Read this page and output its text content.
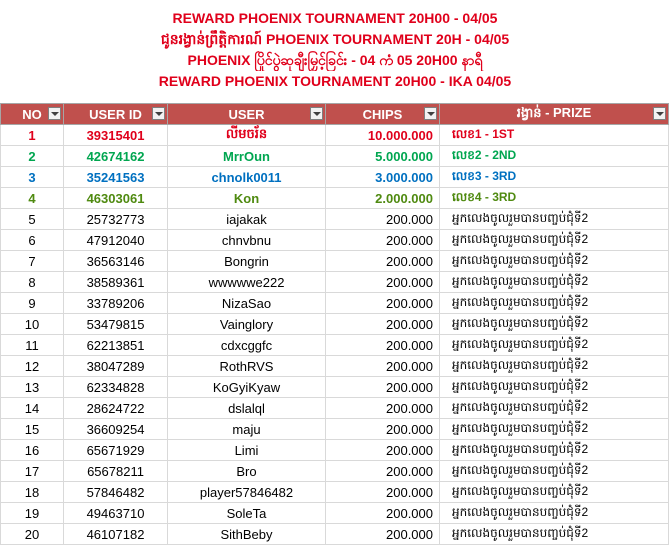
REWARD PHOENIX TOURNAMENT 20H00 - 04/05
ជូនរង្វាន់ព្រឹត្តិការណ៍ PHOENIX TOURNAMENT 20H - 04/05
PHOENIX ပြိုင်ပွဲဆုချီးမြှင့်ခြင်း - 04 ကံ 05 20H00 နာရီ
REWARD PHOENIX TOURNAMENT 20H00 - IKA 04/05
NO	USER ID	USER	CHIPS	រង្វាន់ - PRIZE

1	39315401	លីមចរ័ន	10.000.000	លេខ1 - 1ST
2	42674162	MrrOun	5.000.000	លេខ2 - 2ND
3	35241563	chnolk0011	3.000.000	លេខ3 - 3RD
4	46303061	Kon	2.000.000	លេខ4 - 3RD
5	25732773	iajakak	200.000	អ្នកលេងចូលរួមបានបញ្ចប់ជុំទី2
6	47912040	chnvbnu	200.000	អ្នកលេងចូលរួមបានបញ្ចប់ជុំទី2
7	36563146	Bongrin	200.000	អ្នកលេងចូលរួមបានបញ្ចប់ជុំទី2
8	38589361	wwwwwe222	200.000	អ្នកលេងចូលរួមបានបញ្ចប់ជុំទី2
9	33789206	NizaSao	200.000	អ្នកលេងចូលរួមបានបញ្ចប់ជុំទី2
10	53479815	Vainglory	200.000	អ្នកលេងចូលរួមបានបញ្ចប់ជុំទី2
11	62213851	cdxcggfc	200.000	អ្នកលេងចូលរួមបានបញ្ចប់ជុំទី2
12	38047289	RothRVS	200.000	អ្នកលេងចូលរួមបានបញ្ចប់ជុំទី2
13	62334828	KoGyiKyaw	200.000	អ្នកលេងចូលរួមបានបញ្ចប់ជុំទី2
14	28624722	dslalql	200.000	អ្នកលេងចូលរួមបានបញ្ចប់ជុំទី2
15	36609254	maju	200.000	អ្នកលេងចូលរួមបានបញ្ចប់ជុំទី2
16	65671929	Limi	200.000	អ្នកលេងចូលរួមបានបញ្ចប់ជុំទី2
17	65678211	Bro	200.000	អ្នកលេងចូលរួមបានបញ្ចប់ជុំទី2
18	57846482	player57846482	200.000	អ្នកលេងចូលរួមបានបញ្ចប់ជុំទី2
19	49463710	SoleTa	200.000	អ្នកលេងចូលរួមបានបញ្ចប់ជុំទី2
20	46107182	SithBeby	200.000	អ្នកលេងចូលរួមបានបញ្ចប់ជុំទី2
